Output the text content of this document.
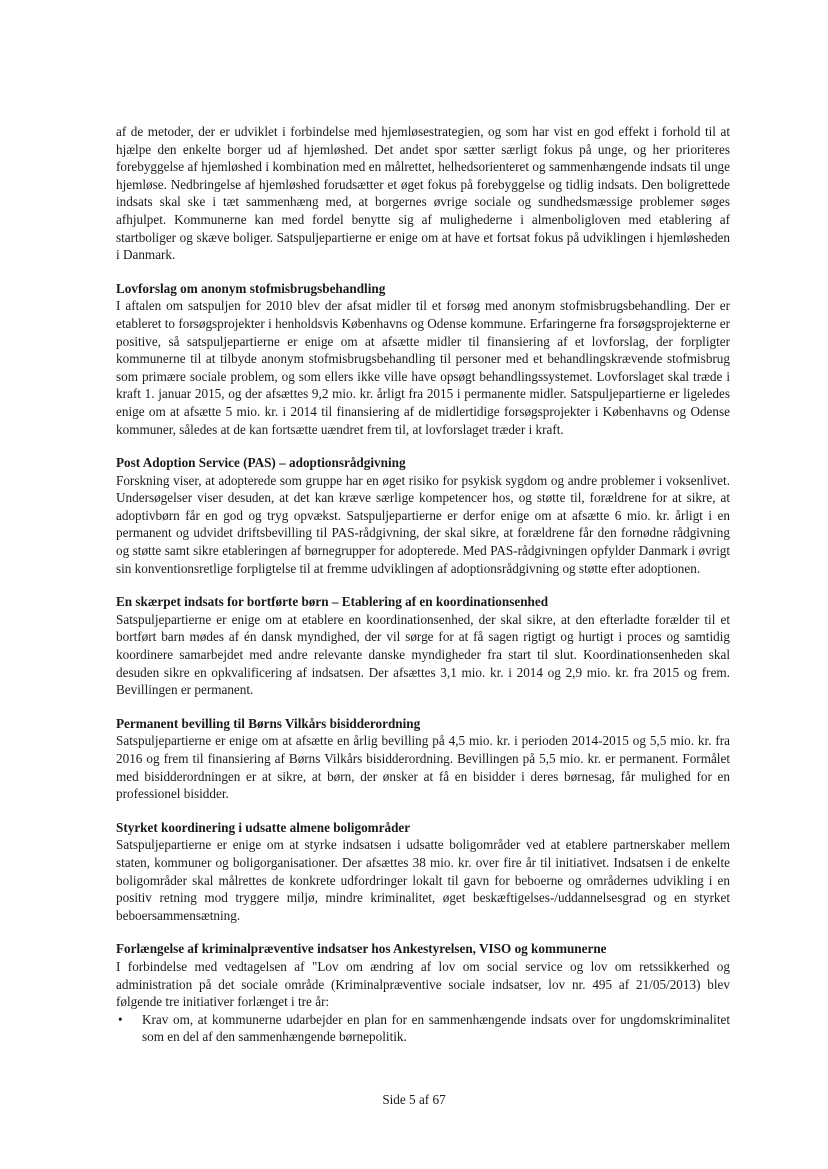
af de metoder, der er udviklet i forbindelse med hjemløsestrategien, og som har vist en god effekt i forhold til at hjælpe den enkelte borger ud af hjemløshed. Det andet spor sætter særligt fokus på unge, og her prioriteres forebyggelse af hjemløshed i kombination med en målrettet, helhedsorienteret og sammenhængende indsats til unge hjemløse. Nedbringelse af hjemløshed forudsætter et øget fokus på forebyggelse og tidlig indsats. Den boligrettede indsats skal ske i tæt sammenhæng med, at borgernes øvrige sociale og sundhedsmæssige problemer søges afhjulpet. Kommunerne kan med fordel benytte sig af mulighederne i almenboligloven med etablering af startboliger og skæve boliger. Satspuljepartierne er enige om at have et fortsat fokus på udviklingen i hjemløsheden i Danmark.

Lovforslag om anonym stofmisbrugsbehandling

I aftalen om satspuljen for 2010 blev der afsat midler til et forsøg med anonym stofmisbrugsbehandling. Der er etableret to forsøgsprojekter i henholdsvis Københavns og Odense kommune. Erfaringerne fra forsøgsprojekterne er positive, så satspuljepartierne er enige om at afsætte midler til finansiering af et lovforslag, der forpligter kommunerne til at tilbyde anonym stofmisbrugsbehandling til personer med et behandlingskrævende stofmisbrug som primære sociale problem, og som ellers ikke ville have opsøgt behandlingssystemet. Lovforslaget skal træde i kraft 1. januar 2015, og der afsættes 9,2 mio. kr. årligt fra 2015 i permanente midler. Satspuljepartierne er ligeledes enige om at afsætte 5 mio. kr. i 2014 til finansiering af de midlertidige forsøgsprojekter i Københavns og Odense kommuner, således at de kan fortsætte uændret frem til, at lovforslaget træder i kraft.

Post Adoption Service (PAS) – adoptionsrådgivning

Forskning viser, at adopterede som gruppe har en øget risiko for psykisk sygdom og andre problemer i voksenlivet. Undersøgelser viser desuden, at det kan kræve særlige kompetencer hos, og støtte til, forældrene for at sikre, at adoptivbørn får en god og tryg opvækst. Satspuljepartierne er derfor enige om at afsætte 6 mio. kr. årligt i en permanent og udvidet driftsbevilling til PAS-rådgivning, der skal sikre, at forældrene får den fornødne rådgivning og støtte samt sikre etableringen af børnegrupper for adopterede. Med PAS-rådgivningen opfylder Danmark i øvrigt sin konventionsretlige forpligtelse til at fremme udviklingen af adoptionsrådgivning og støtte efter adoptionen.

En skærpet indsats for bortførte børn – Etablering af en koordinationsenhed

Satspuljepartierne er enige om at etablere en koordinationsenhed, der skal sikre, at den efterladte forælder til et bortført barn mødes af én dansk myndighed, der vil sørge for at få sagen rigtigt og hurtigt i proces og samtidig koordinere samarbejdet med andre relevante danske myndigheder fra start til slut. Koordinationsenheden skal desuden sikre en opkvalificering af indsatsen. Der afsættes 3,1 mio. kr. i 2014 og 2,9 mio. kr. fra 2015 og frem. Bevillingen er permanent.

Permanent bevilling til Børns Vilkårs bisidderordning

Satspuljepartierne er enige om at afsætte en årlig bevilling på 4,5 mio. kr. i perioden 2014-2015 og 5,5 mio. kr. fra 2016 og frem til finansiering af Børns Vilkårs bisidderordning. Bevillingen på 5,5 mio. kr. er permanent. Formålet med bisidderordningen er at sikre, at børn, der ønsker at få en bisidder i deres børnesag, får mulighed for en professionel bisidder.

Styrket koordinering i udsatte almene boligområder

Satspuljepartierne er enige om at styrke indsatsen i udsatte boligområder ved at etablere partnerskaber mellem staten, kommuner og boligorganisationer. Der afsættes 38 mio. kr. over fire år til initiativet. Indsatsen i de enkelte boligområder skal målrettes de konkrete udfordringer lokalt til gavn for beboerne og områdernes udvikling i en positiv retning mod tryggere miljø, mindre kriminalitet, øget beskæftigelses-/uddannelsesgrad og en styrket beboersammensætning.

Forlængelse af kriminalpræventive indsatser hos Ankestyrelsen, VISO og kommunerne

I forbindelse med vedtagelsen af "Lov om ændring af lov om social service og lov om retssikkerhed og administration på det sociale område (Kriminalpræventive sociale indsatser, lov nr. 495 af 21/05/2013) blev følgende tre initiativer forlænget i tre år:

• Krav om, at kommunerne udarbejder en plan for en sammenhængende indsats over for ungdomskriminalitet som en del af den sammenhængende børnepolitik.
Side 5 af 67
